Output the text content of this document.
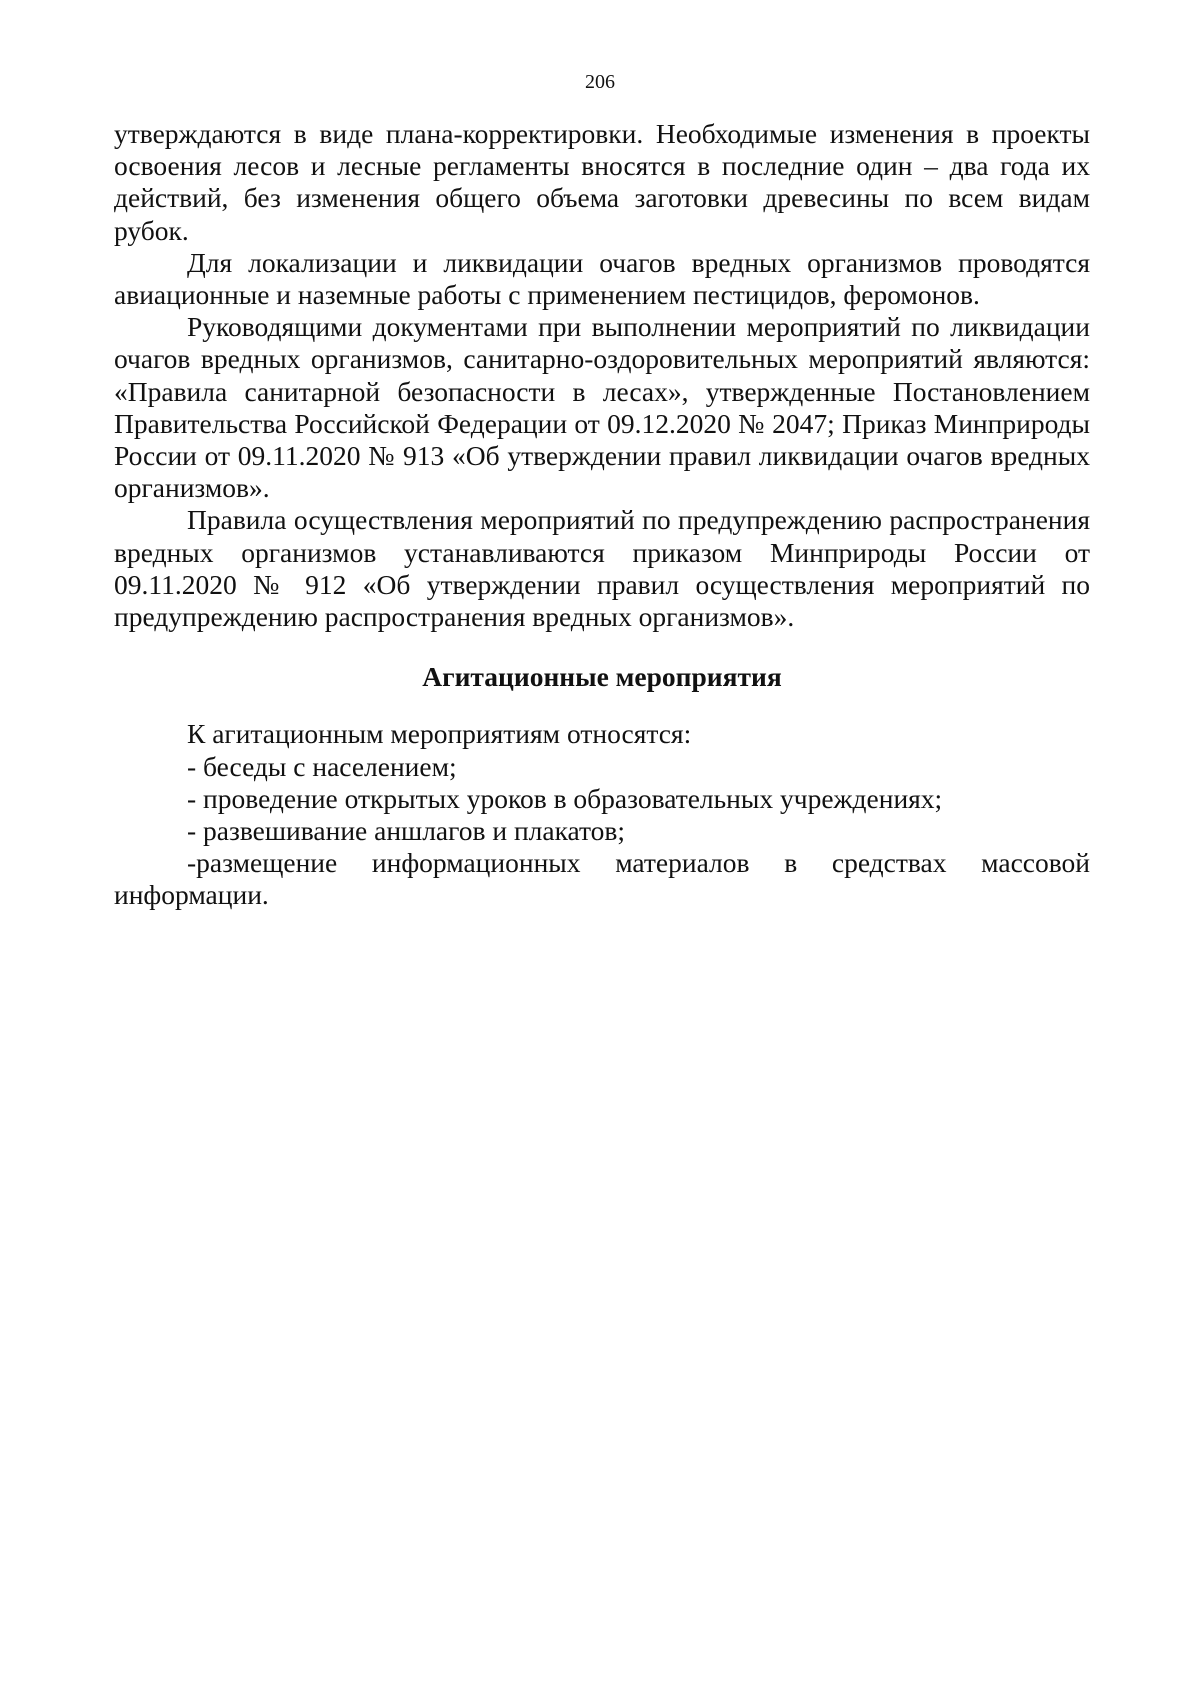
206

утверждаются в виде плана-корректировки. Необходимые изменения в проекты освоения лесов и лесные регламенты вносятся в последние один – два года их действий, без изменения общего объема заготовки древесины по всем видам рубок.

Для локализации и ликвидации очагов вредных организмов проводятся авиационные и наземные работы с применением пестицидов, феромонов.

Руководящими документами при выполнении мероприятий по ликвидации очагов вредных организмов, санитарно-оздоровительных мероприятий являются: «Правила санитарной безопасности в лесах», утвержденные Постановлением Правительства Российской Федерации от 09.12.2020 № 2047; Приказ Минприроды России от 09.11.2020 № 913 «Об утверждении правил ликвидации очагов вредных организмов».

Правила осуществления мероприятий по предупреждению распространения вредных организмов устанавливаются приказом Минприроды России от 09.11.2020 № 912 «Об утверждении правил осуществления мероприятий по предупреждению распространения вредных организмов».

Агитационные мероприятия

К агитационным мероприятиям относятся:

- беседы с населением;

- проведение открытых уроков в образовательных учреждениях;

- развешивание аншлагов и плакатов;

-размещение информационных материалов в средствах массовой информации.
